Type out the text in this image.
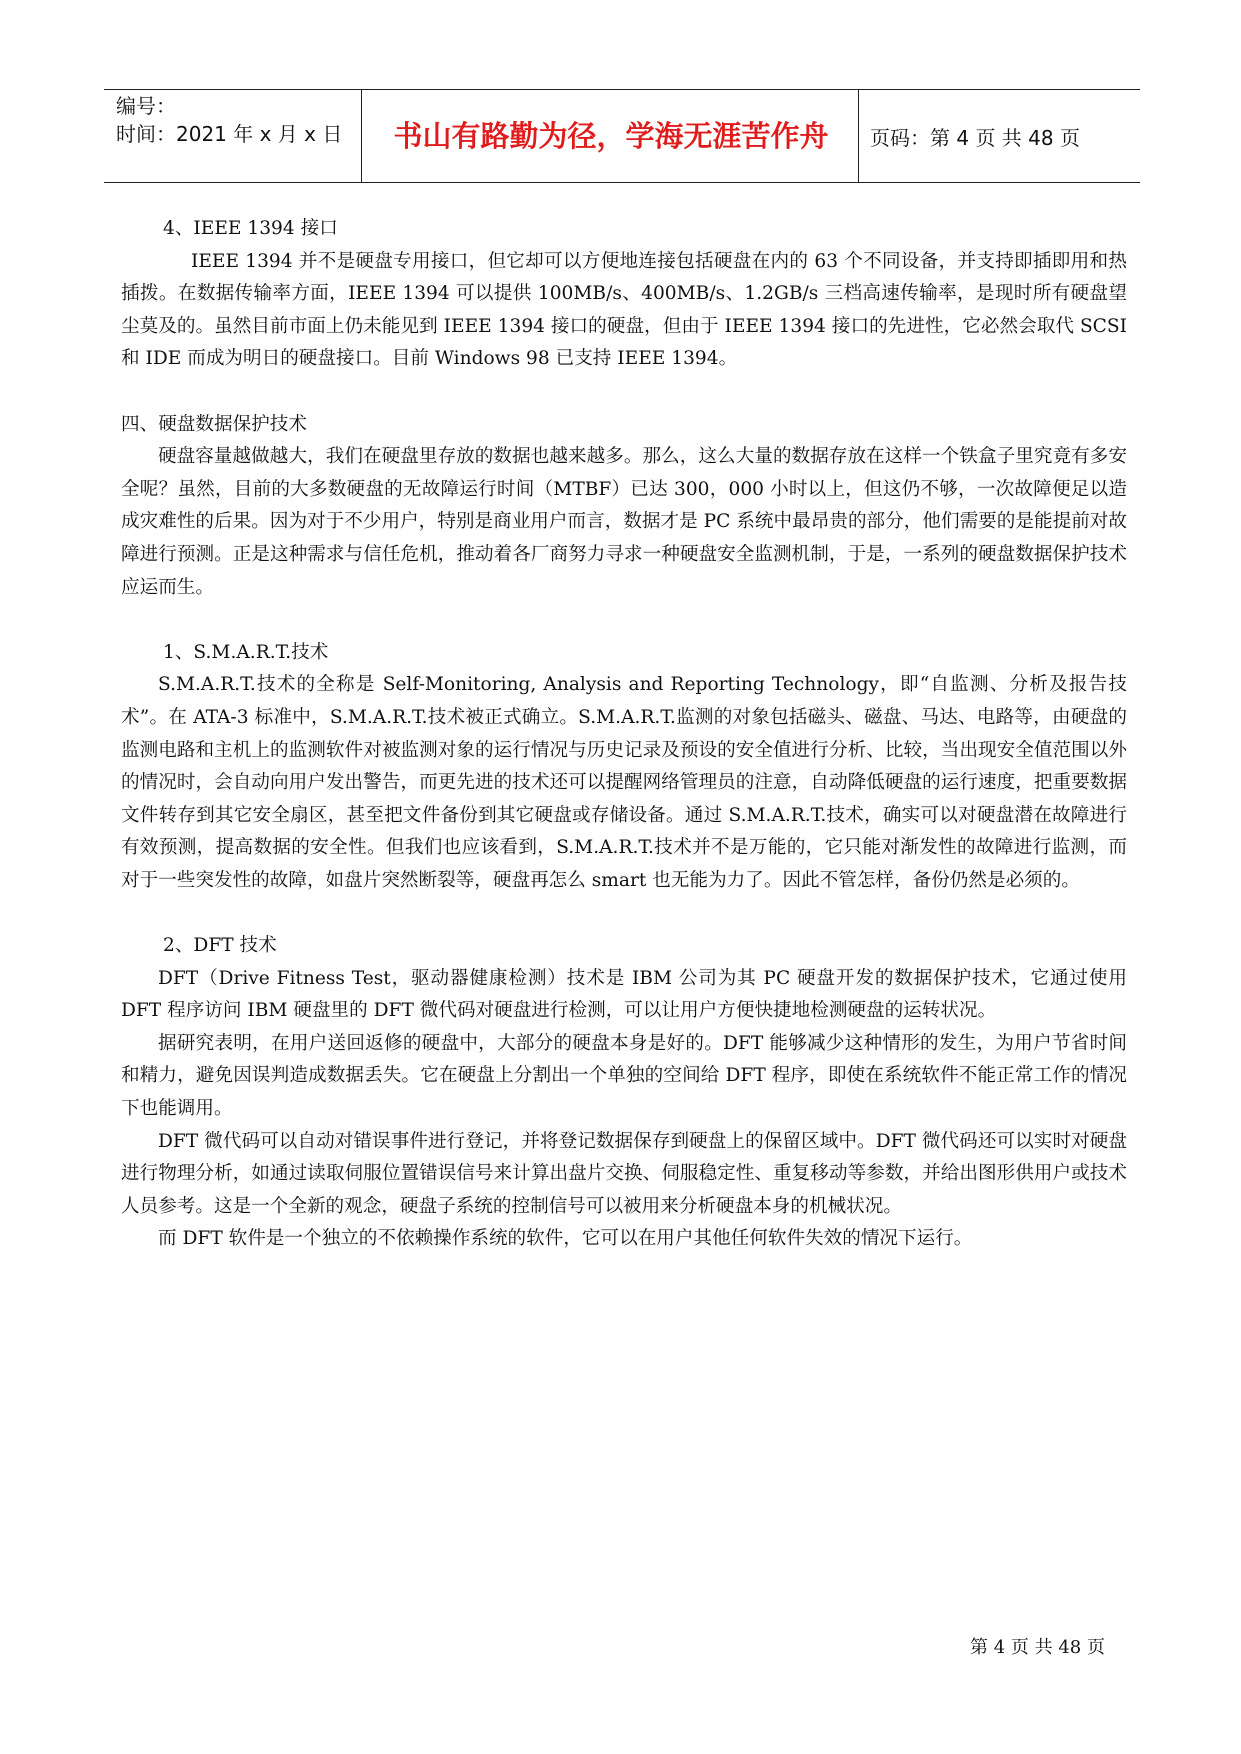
编号：
时间：2021 年 x 月 x 日	书山有路勤为径，学海无涯苦作舟	页码：第 4 页 共 48 页

4、IEEE 1394 接口

IEEE 1394 并不是硬盘专用接口，但它却可以方便地连接包括硬盘在内的 63 个不同设备，并支持即插即用和热插拨。在数据传输率方面，IEEE 1394 可以提供 100MB/s、400MB/s、1.2GB/s 三档高速传输率，是现时所有硬盘望尘莫及的。虽然目前市面上仍未能见到 IEEE 1394 接口的硬盘，但由于 IEEE 1394 接口的先进性，它必然会取代 SCSI 和 IDE 而成为明日的硬盘接口。目前 Windows 98 已支持 IEEE 1394。

四、硬盘数据保护技术

硬盘容量越做越大，我们在硬盘里存放的数据也越来越多。那么，这么大量的数据存放在这样一个铁盒子里究竟有多安全呢？虽然，目前的大多数硬盘的无故障运行时间（MTBF）已达 300，000 小时以上，但这仍不够，一次故障便足以造成灾难性的后果。因为对于不少用户，特别是商业用户而言，数据才是 PC 系统中最昂贵的部分，他们需要的是能提前对故障进行预测。正是这种需求与信任危机，推动着各厂商努力寻求一种硬盘安全监测机制，于是，一系列的硬盘数据保护技术应运而生。

1、S.M.A.R.T.技术

S.M.A.R.T.技术的全称是 Self-Monitoring, Analysis and Reporting Technology，即“自监测、分析及报告技术”。在 ATA-3 标准中，S.M.A.R.T.技术被正式确立。S.M.A.R.T.监测的对象包括磁头、磁盘、马达、电路等，由硬盘的监测电路和主机上的监测软件对被监测对象的运行情况与历史记录及预设的安全值进行分析、比较，当出现安全值范围以外的情况时，会自动向用户发出警告，而更先进的技术还可以提醒网络管理员的注意，自动降低硬盘的运行速度，把重要数据文件转存到其它安全扇区，甚至把文件备份到其它硬盘或存储设备。通过 S.M.A.R.T.技术，确实可以对硬盘潜在故障进行有效预测，提高数据的安全性。但我们也应该看到，S.M.A.R.T.技术并不是万能的，它只能对渐发性的故障进行监测，而对于一些突发性的故障，如盘片突然断裂等，硬盘再怎么 smart 也无能为力了。因此不管怎样，备份仍然是必须的。

2、DFT 技术

DFT（Drive Fitness Test，驱动器健康检测）技术是 IBM 公司为其 PC 硬盘开发的数据保护技术，它通过使用 DFT 程序访问 IBM 硬盘里的 DFT 微代码对硬盘进行检测，可以让用户方便快捷地检测硬盘的运转状况。

据研究表明，在用户送回返修的硬盘中，大部分的硬盘本身是好的。DFT 能够减少这种情形的发生，为用户节省时间和精力，避免因误判造成数据丢失。它在硬盘上分割出一个单独的空间给 DFT 程序，即使在系统软件不能正常工作的情况下也能调用。

DFT 微代码可以自动对错误事件进行登记，并将登记数据保存到硬盘上的保留区域中。DFT 微代码还可以实时对硬盘进行物理分析，如通过读取伺服位置错误信号来计算出盘片交换、伺服稳定性、重复移动等参数，并给出图形供用户或技术人员参考。这是一个全新的观念，硬盘子系统的控制信号可以被用来分析硬盘本身的机械状况。

而 DFT 软件是一个独立的不依赖操作系统的软件，它可以在用户其他任何软件失效的情况下运行。

第 4 页 共 48 页
